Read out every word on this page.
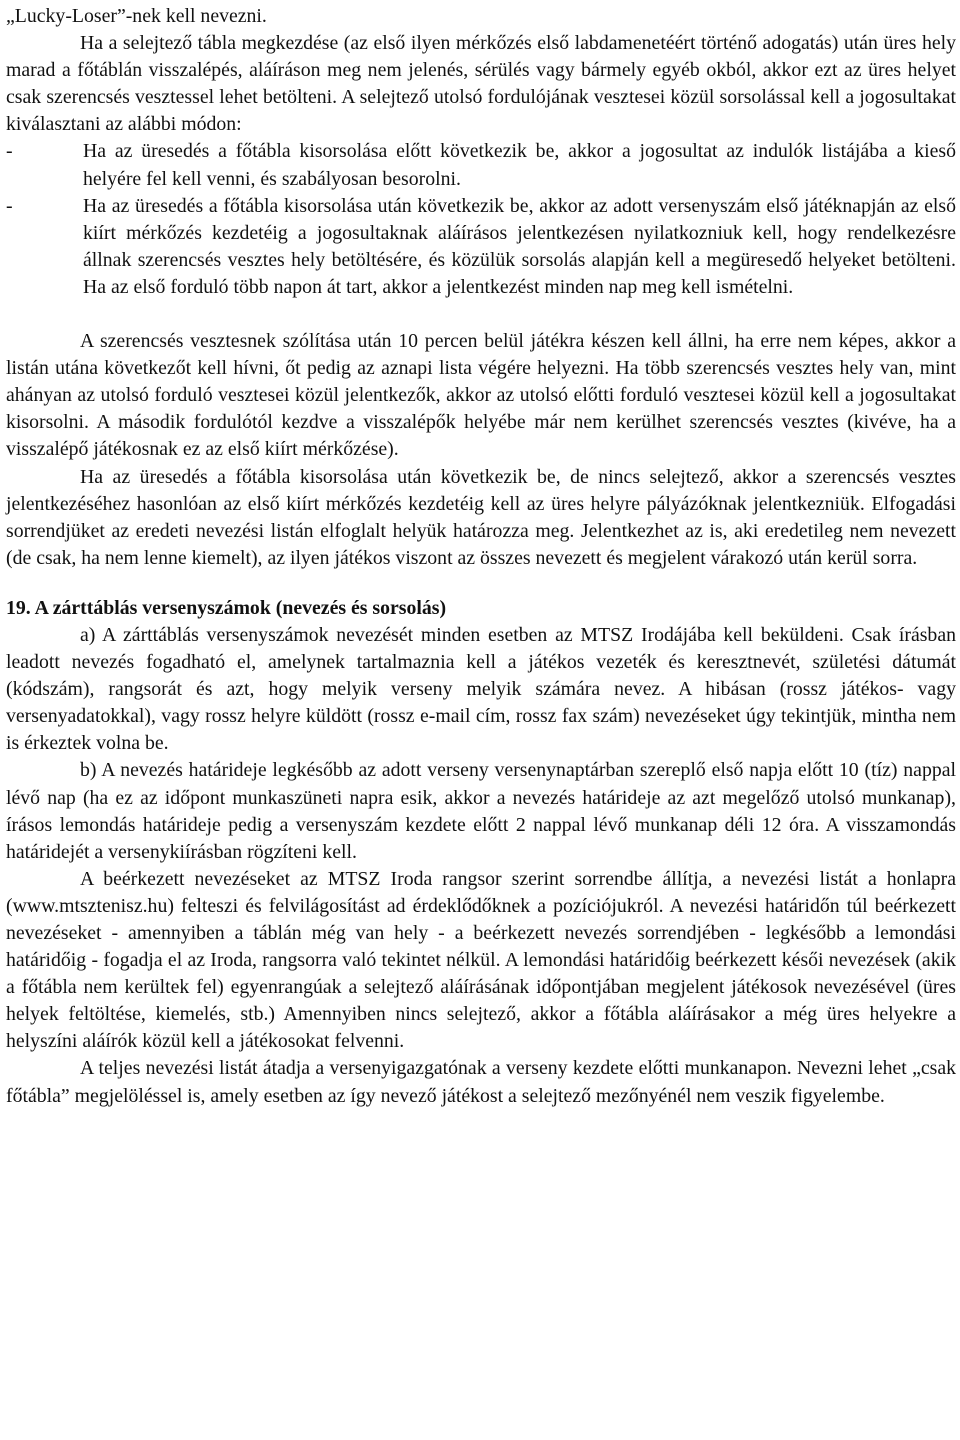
„Lucky-Loser”-nek kell nevezni.

Ha a selejtező tábla megkezdése (az első ilyen mérkőzés első labdamenetéért történő adogatás) után üres hely marad a főtáblán visszalépés, aláíráson meg nem jelenés, sérülés vagy bármely egyéb okból, akkor ezt az üres helyet csak szerencsés vesztessel lehet betölteni. A selejtező utolsó fordulójának vesztesei közül sorsolással kell a jogosultakat kiválasztani az alábbi módon:

-	Ha az üresedés a főtábla kisorsolása előtt következik be, akkor a jogosultat az indulók listájába a kieső helyére fel kell venni, és szabályosan besorolni.

-	Ha az üresedés a főtábla kisorsolása után következik be, akkor az adott versenyszám első játéknapján az első kiírt mérkőzés kezdetéig a jogosultaknak aláírásos jelentkezésen nyilatkozniuk kell, hogy rendelkezésre állnak szerencsés vesztes hely betöltésére, és közülük sorsolás alapján kell a megüresedő helyeket betölteni. Ha az első forduló több napon át tart, akkor a jelentkezést minden nap meg kell ismételni.

A szerencsés vesztesnek szólítása után 10 percen belül játékra készen kell állni, ha erre nem képes, akkor a listán utána következőt kell hívni, őt pedig az aznapi lista végére helyezni. Ha több szerencsés vesztes hely van, mint ahányan az utolsó forduló vesztesei közül jelentkezők, akkor az utolsó előtti forduló vesztesei közül kell a jogosultakat kisorsolni. A második fordulótól kezdve a visszalépők helyébe már nem kerülhet szerencsés vesztes (kivéve, ha a visszalépő játékosnak ez az első kiírt mérkőzése).

Ha az üresedés a főtábla kisorsolása után következik be, de nincs selejtező, akkor a szerencsés vesztes jelentkezéséhez hasonlóan az első kiírt mérkőzés kezdetéig kell az üres helyre pályázóknak jelentkezniük. Elfogadási sorrendjüket az eredeti nevezési listán elfoglalt helyük határozza meg. Jelentkezhet az is, aki eredetileg nem nevezett (de csak, ha nem lenne kiemelt), az ilyen játékos viszont az összes nevezett és megjelent várakozó után kerül sorra.

19. A zárttáblás versenyszámok (nevezés és sorsolás)

a) A zárttáblás versenyszámok nevezését minden esetben az MTSZ Irodájába kell beküldeni. Csak írásban leadott nevezés fogadható el, amelynek tartalmaznia kell a játékos vezeték és keresztnevét, születési dátumát (kódszám), rangsorát és azt, hogy melyik verseny melyik számára nevez. A hibásan (rossz játékos- vagy versenyadatokkal), vagy rossz helyre küldött (rossz e-mail cím, rossz fax szám) nevezéseket úgy tekintjük, mintha nem is érkeztek volna be.

b) A nevezés határideje legkésőbb az adott verseny versenynaptárban szereplő első napja előtt 10 (tíz) nappal lévő nap (ha ez az időpont munkaszüneti napra esik, akkor a nevezés határideje az azt megelőző utolsó munkanap), írásos lemondás határideje pedig a versenyszám kezdete előtt 2 nappal lévő munkanap déli 12 óra. A visszamondás határidejét a versenykiírásban rögzíteni kell.

A beérkezett nevezéseket az MTSZ Iroda rangsor szerint sorrendbe állítja, a nevezési listát a honlapra (www.mtsztenisz.hu) felteszi és felvilágosítást ad érdeklődőknek a pozíciójukról. A nevezési határidőn túl beérkezett nevezéseket - amennyiben a táblán még van hely - a beérkezett nevezés sorrendjében - legkésőbb a lemondási határidőig - fogadja el az Iroda, rangsorra való tekintet nélkül. A lemondási határidőig beérkezett késői nevezések (akik a főtábla nem kerültek fel) egyenrangúak a selejtező aláírásának időpontjában megjelent játékosok nevezésével (üres helyek feltöltése, kiemelés, stb.) Amennyiben nincs selejtező, akkor a főtábla aláírásakor a még üres helyekre a helyszíni aláírók közül kell a játékosokat felvenni.

A teljes nevezési listát átadja a versenyigazgatónak a verseny kezdete előtti munkanapon. Nevezni lehet „csak főtábla” megjelöléssel is, amely esetben az így nevező játékost a selejtező mezőnyénél nem veszik figyelembe.
